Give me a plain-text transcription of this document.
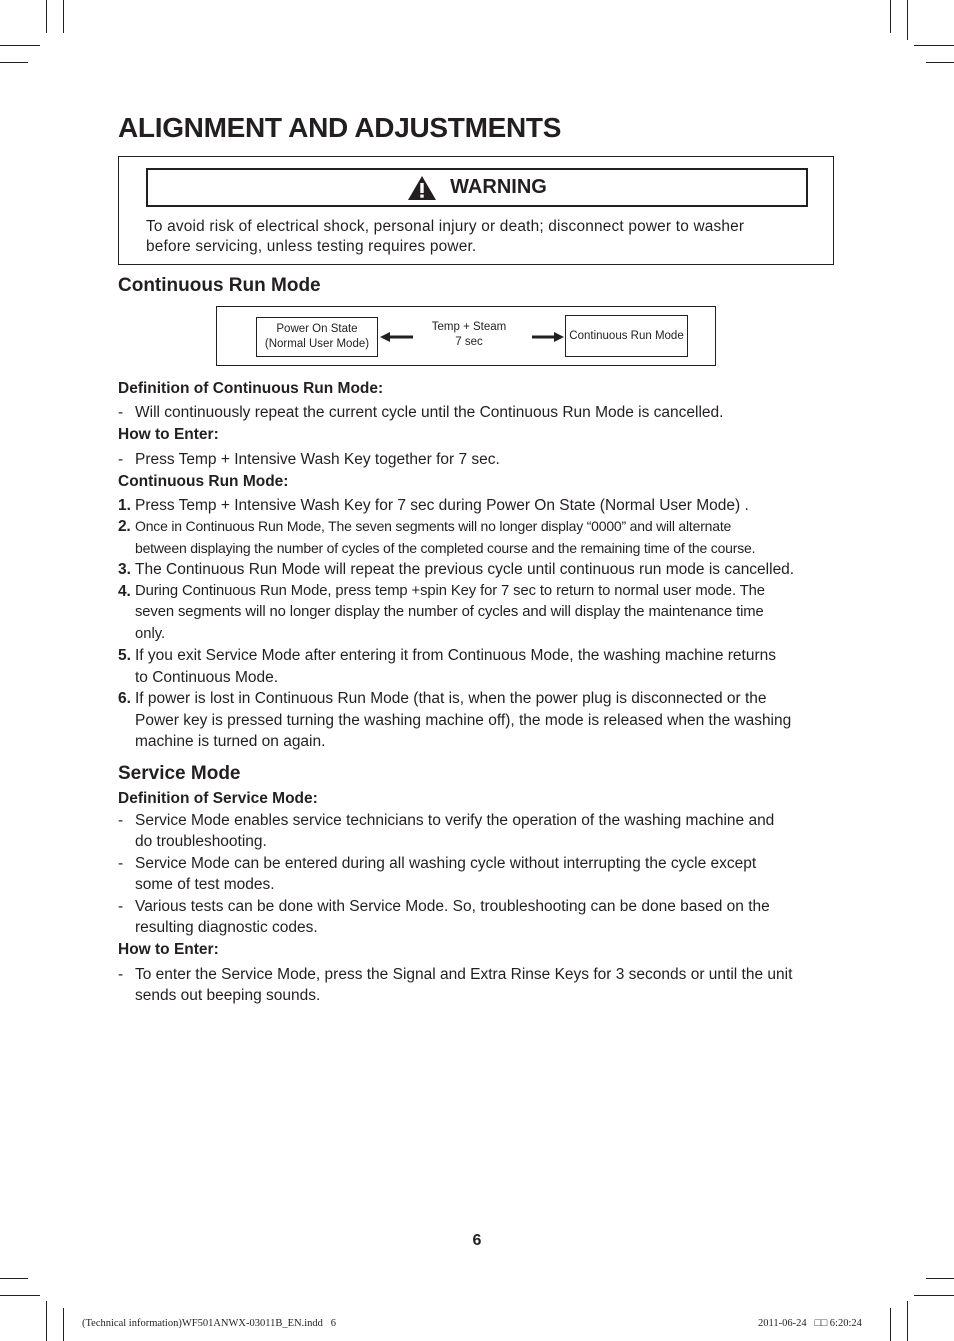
ALIGNMENT AND ADJUSTMENTS
WARNING

To avoid risk of electrical shock, personal injury or death; disconnect power to washer
before servicing, unless testing requires power.

Continuous Run Mode
Power On State
(Normal User Mode)
Temp + Steam
7 sec
Continuous Run Mode

Definition of Continuous Run Mode:

- Will continuously repeat the current cycle until the Continuous Run Mode is cancelled.

How to Enter:

- Press Temp + Intensive Wash Key together for 7 sec.

Continuous Run Mode:

1. Press Temp + Intensive Wash Key for 7 sec during Power On State (Normal User Mode) .

2. Once in Continuous Run Mode, The seven segments will no longer display “0000” and will alternate

between displaying the number of cycles of the completed course and the remaining time of the course.

3. The Continuous Run Mode will repeat the previous cycle until continuous run mode is cancelled.

4. During Continuous Run Mode, press temp +spin Key for 7 sec to return to normal user mode. The

seven segments will no longer display the number of cycles and will display the maintenance time

only.

5. If you exit Service Mode after entering it from Continuous Mode, the washing machine returns

to Continuous Mode.

6. If power is lost in Continuous Run Mode (that is, when the power plug is disconnected or the

Power key is pressed turning the washing machine off), the mode is released when the washing

machine is turned on again.

Service Mode

Definition of Service Mode:

- Service Mode enables service technicians to verify the operation of the washing machine and

do troubleshooting.

- Service Mode can be entered during all washing cycle without interrupting the cycle except

some of test modes.

- Various tests can be done with Service Mode. So, troubleshooting can be done based on the

resulting diagnostic codes.

How to Enter:

- To enter the Service Mode, press the Signal and Extra Rinse Keys for 3 seconds or until the unit

sends out beeping sounds.

6

(Technical information)WF501ANWX-03011B_EN.indd   6	2011-06-24   □□ 6:20:24
